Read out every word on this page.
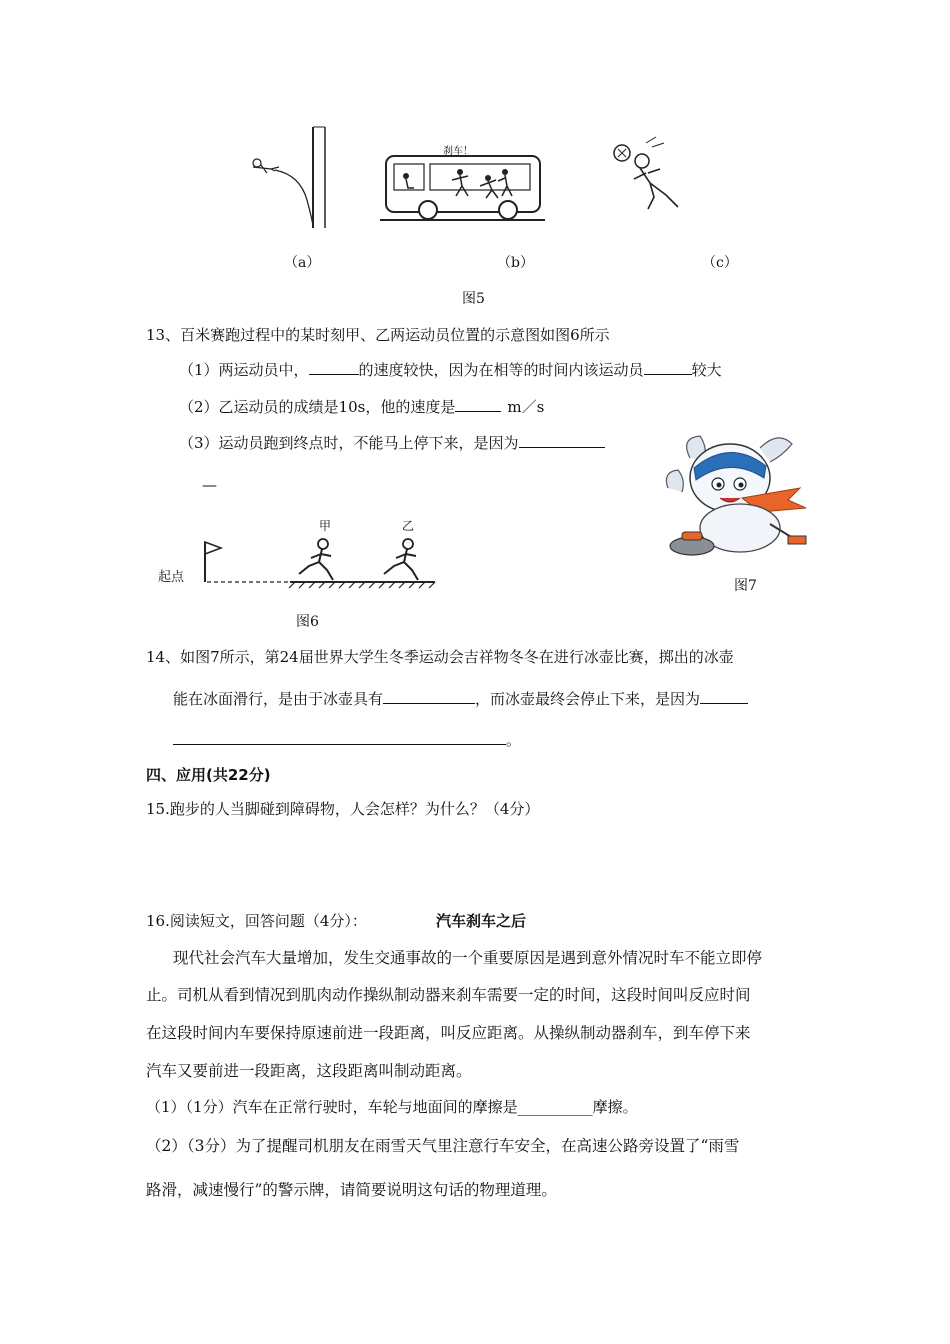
刹车！
（a）	（b）	（c）
图5
13、百米赛跑过程中的某时刻甲、乙两运动员位置的示意图如图6所示
（1）两运动员中，	的速度较快，因为在相等的时间内该运动员	较大
（2）乙运动员的成绩是10s，他的速度是	m／s
（3）运动员跑到终点时，不能马上停下来，是因为
—
图7
起点
甲	乙
图6
14、如图7所示，第24届世界大学生冬季运动会吉祥物冬冬在进行冰壶比赛，掷出的冰壶
能在冰面滑行，是由于冰壶具有	，而冰壶最终会停止下来，是因为
。
四、应用(共22分)
15.跑步的人当脚碰到障碍物，人会怎样？为什么？（4分）
16.阅读短文，回答问题（4分）：	汽车刹车之后
现代社会汽车大量增加，发生交通事故的一个重要原因是遇到意外情况时车不能立即停
止。司机从看到情况到肌肉动作操纵制动器来刹车需要一定的时间，这段时间叫反应时间
在这段时间内车要保持原速前进一段距离，叫反应距离。从操纵制动器刹车，到车停下来
汽车又要前进一段距离，这段距离叫制动距离。
（1）（1分）汽车在正常行驶时，车轮与地面间的摩擦是__________摩擦。
（2）（3分）为了提醒司机朋友在雨雪天气里注意行车安全，在高速公路旁设置了“雨雪
路滑，减速慢行”的警示牌，请简要说明这句话的物理道理。
